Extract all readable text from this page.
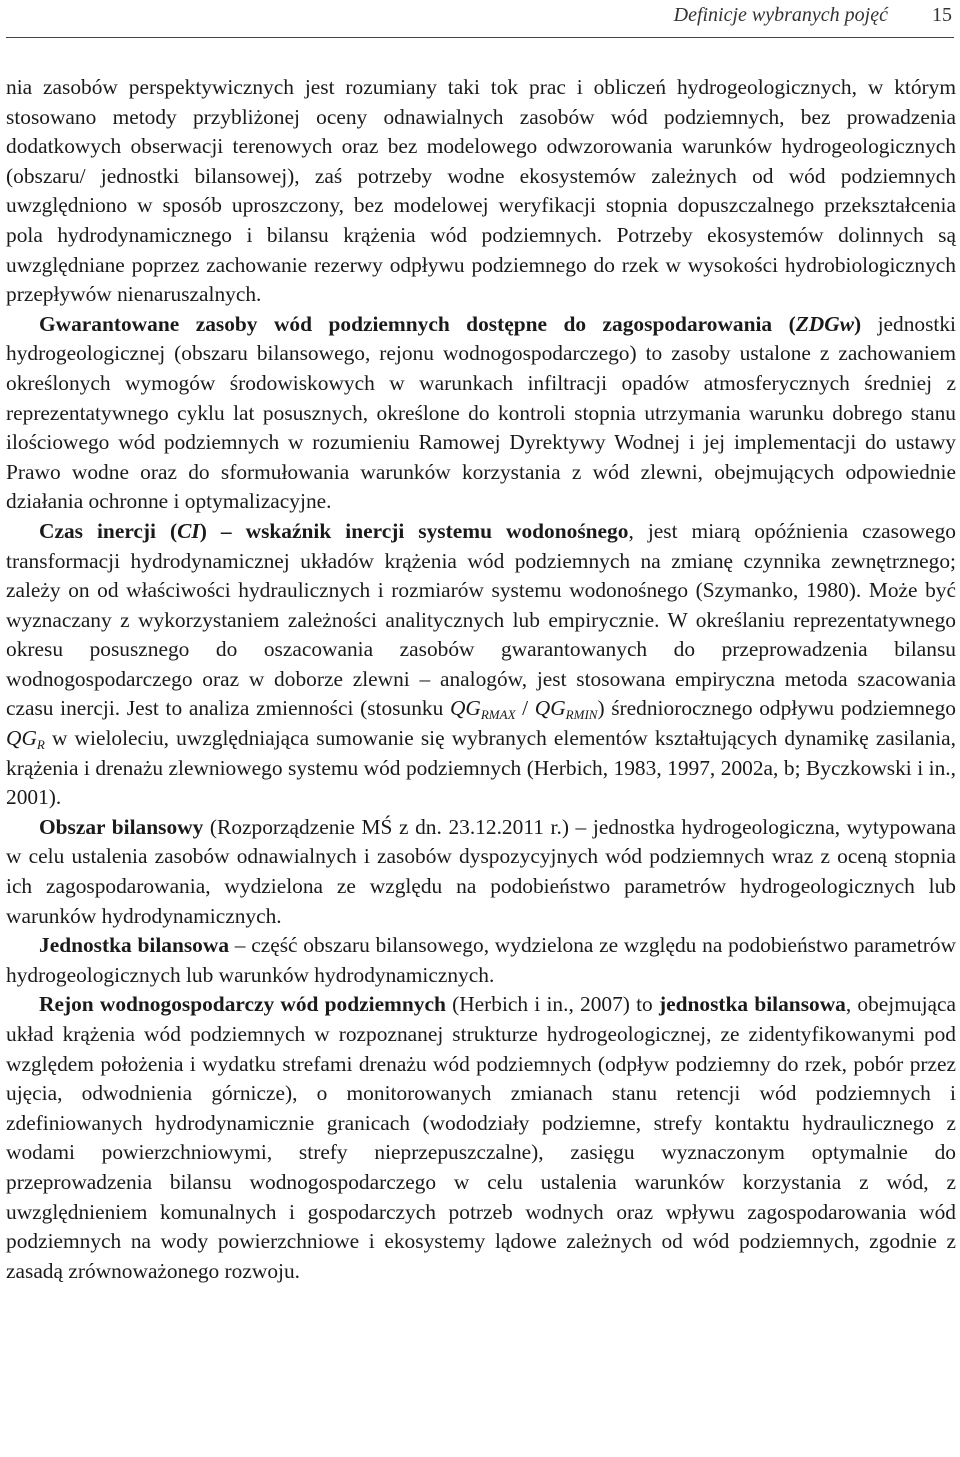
Definicje wybranych pojęć 15

nia zasobów perspektywicznych jest rozumiany taki tok prac i obliczeń hydrogeologicznych, w którym stosowano metody przybliżonej oceny odnawialnych zasobów wód podziemnych, bez prowadzenia dodatkowych obserwacji terenowych oraz bez modelowego odwzorowania warunków hydrogeologicznych (obszaru/ jednostki bilansowej), zaś potrzeby wodne ekosystemów zależnych od wód podziemnych uwzględniono w sposób uproszczony, bez modelowej weryfikacji stopnia dopuszczalnego przekształcenia pola hydrodynamicznego i bilansu krążenia wód podziemnych. Potrzeby ekosystemów dolinnych są uwzględniane poprzez zachowanie rezerwy odpływu podziemnego do rzek w wysokości hydrobiologicznych przepływów nienaruszalnych.

Gwarantowane zasoby wód podziemnych dostępne do zagospodarowania (ZDGw) jednostki hydrogeologicznej (obszaru bilansowego, rejonu wodnogospodarczego) to zasoby ustalone z zachowaniem określonych wymogów środowiskowych w warunkach infiltracji opadów atmosferycznych średniej z reprezentatywnego cyklu lat posusznych, określone do kontroli stopnia utrzymania warunku dobrego stanu ilościowego wód podziemnych w rozumieniu Ramowej Dyrektywy Wodnej i jej implementacji do ustawy Prawo wodne oraz do sformułowania warunków korzystania z wód zlewni, obejmujących odpowiednie działania ochronne i optymalizacyjne.

Czas inercji (CI) – wskaźnik inercji systemu wodonośnego, jest miarą opóźnienia czasowego transformacji hydrodynamicznej układów krążenia wód podziemnych na zmianę czynnika zewnętrznego; zależy on od właściwości hydraulicznych i rozmiarów systemu wodonośnego (Szymanko, 1980). Może być wyznaczany z wykorzystaniem zależności analitycznych lub empirycznie. W określaniu reprezentatywnego okresu posusznego do oszacowania zasobów gwarantowanych do przeprowadzenia bilansu wodnogospodarczego oraz w doborze zlewni – analogów, jest stosowana empiryczna metoda szacowania czasu inercji. Jest to analiza zmienności (stosunku $QG_{RMAX} / QG_{RMIN}$) średniorocznego odpływu podziemnego $QG_R$ w wieloleciu, uwzględniająca sumowanie się wybranych elementów kształtujących dynamikę zasilania, krążenia i drenażu zlewniowego systemu wód podziemnych (Herbich, 1983, 1997, 2002a, b; Byczkowski i in., 2001).

Obszar bilansowy (Rozporządzenie MŚ z dn. 23.12.2011 r.) – jednostka hydrogeologiczna, wytypowana w celu ustalenia zasobów odnawialnych i zasobów dyspozycyjnych wód podziemnych wraz z oceną stopnia ich zagospodarowania, wydzielona ze względu na podobieństwo parametrów hydrogeologicznych lub warunków hydrodynamicznych.

Jednostka bilansowa – część obszaru bilansowego, wydzielona ze względu na podobieństwo parametrów hydrogeologicznych lub warunków hydrodynamicznych.

Rejon wodnogospodarczy wód podziemnych (Herbich i in., 2007) to jednostka bilansowa, obejmująca układ krążenia wód podziemnych w rozpoznanej strukturze hydrogeologicznej, ze zidentyfikowanymi pod względem położenia i wydatku strefami drenażu wód podziemnych (odpływ podziemny do rzek, pobór przez ujęcia, odwodnienia górnicze), o monitorowanych zmianach stanu retencji wód podziemnych i zdefiniowanych hydrodynamicznie granicach (wododziały podziemne, strefy kontaktu hydraulicznego z wodami powierzchniowymi, strefy nieprzepuszczalne), zasięgu wyznaczonym optymalnie do przeprowadzenia bilansu wodnogospodarczego w celu ustalenia warunków korzystania z wód, z uwzględnieniem komunalnych i gospodarczych potrzeb wodnych oraz wpływu zagospodarowania wód podziemnych na wody powierzchniowe i ekosystemy lądowe zależnych od wód podziemnych, zgodnie z zasadą zrównoważonego rozwoju.
